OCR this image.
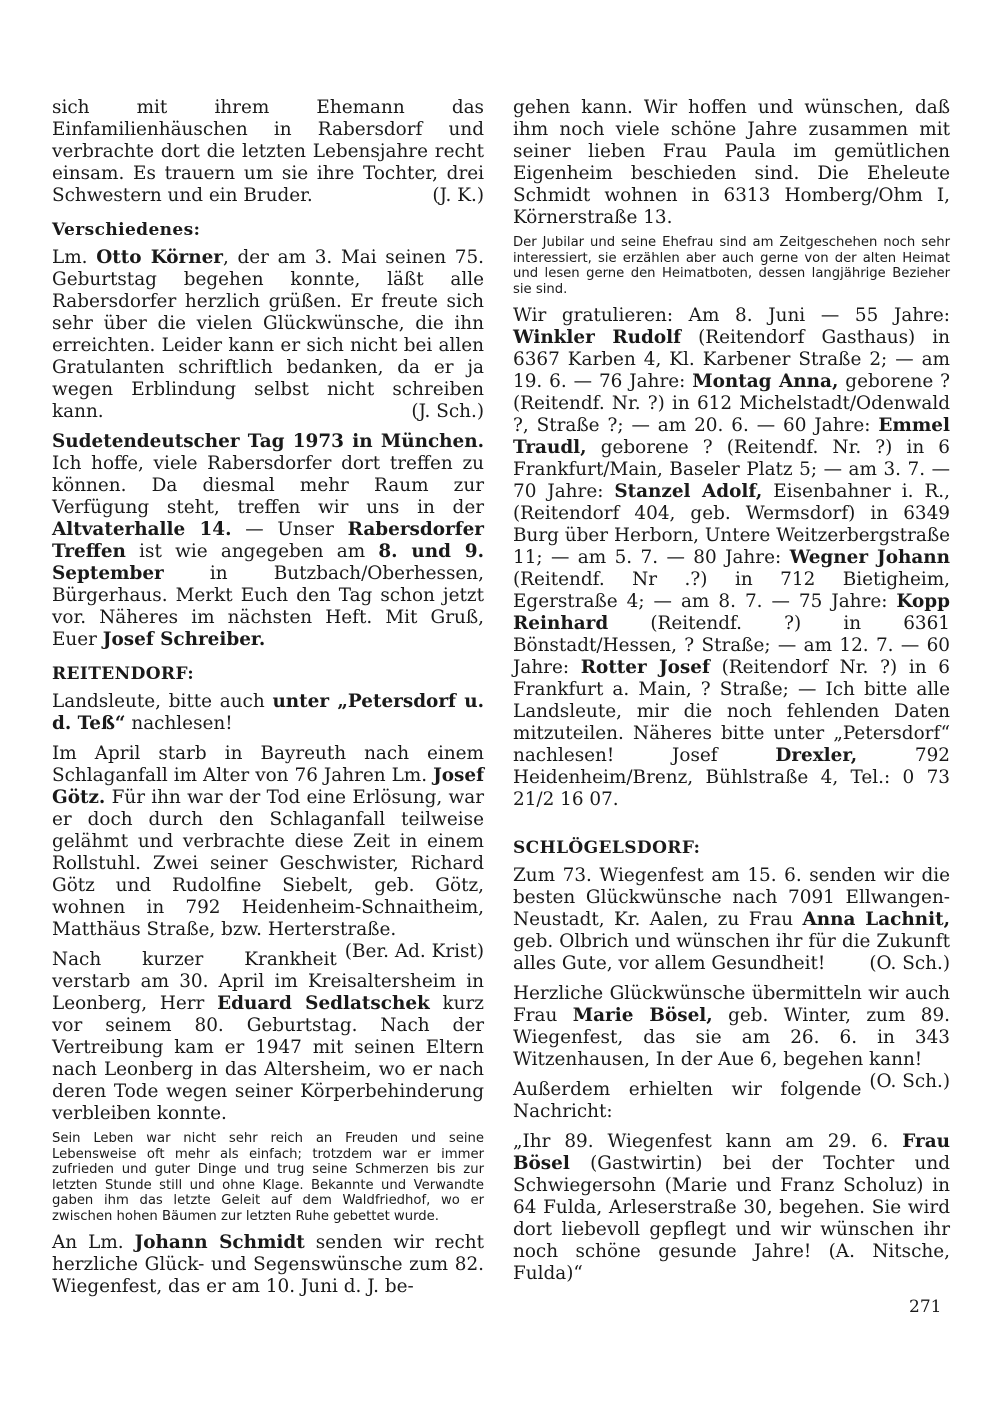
sich mit ihrem Ehemann das Einfamilienhäuschen in Rabersdorf und verbrachte dort die letzten Lebensjahre recht einsam. Es trauern um sie ihre Tochter, drei Schwestern und ein Bruder.	(J. K.)

Verschiedenes:

Lm. Otto Körner, der am 3. Mai seinen 75. Geburtstag begehen konnte, läßt alle Rabersdorfer herzlich grüßen. Er freute sich sehr über die vielen Glückwünsche, die ihn erreichten. Leider kann er sich nicht bei allen Gratulanten schriftlich bedanken, da er ja wegen Erblindung selbst nicht schreiben kann.	(J. Sch.)

Sudetendeutscher Tag 1973 in München. Ich hoffe, viele Rabersdorfer dort treffen zu können. Da diesmal mehr Raum zur Verfügung steht, treffen wir uns in der Altvaterhalle 14. — Unser Rabersdorfer Treffen ist wie angegeben am 8. und 9. September in Butzbach/Oberhessen, Bürgerhaus. Merkt Euch den Tag schon jetzt vor. Näheres im nächsten Heft. Mit Gruß, Euer Josef Schreiber.

REITENDORF:

Landsleute, bitte auch unter „Petersdorf u. d. Teß“ nachlesen!

Im April starb in Bayreuth nach einem Schlaganfall im Alter von 76 Jahren Lm. Josef Götz. Für ihn war der Tod eine Erlösung, war er doch durch den Schlaganfall teilweise gelähmt und verbrachte diese Zeit in einem Rollstuhl. Zwei seiner Geschwister, Richard Götz und Rudolfine Siebelt, geb. Götz, wohnen in 792 Heidenheim-Schnaitheim, Matthäus Straße, bzw. Herterstraße.
(Ber. Ad. Krist)

Nach kurzer Krankheit verstarb am 30. April im Kreisaltersheim in Leonberg, Herr Eduard Sedlatschek kurz vor seinem 80. Geburtstag. Nach der Vertreibung kam er 1947 mit seinen Eltern nach Leonberg in das Altersheim, wo er nach deren Tode wegen seiner Körperbehinderung verbleiben konnte.

Sein Leben war nicht sehr reich an Freuden und seine Lebensweise oft mehr als einfach; trotzdem war er immer zufrieden und guter Dinge und trug seine Schmerzen bis zur letzten Stunde still und ohne Klage. Bekannte und Verwandte gaben ihm das letzte Geleit auf dem Waldfriedhof, wo er zwischen hohen Bäumen zur letzten Ruhe gebettet wurde.

An Lm. Johann Schmidt senden wir recht herzliche Glück- und Segenswünsche zum 82. Wiegenfest, das er am 10. Juni d. J. be-

gehen kann. Wir hoffen und wünschen, daß ihm noch viele schöne Jahre zusammen mit seiner lieben Frau Paula im gemütlichen Eigenheim beschieden sind. Die Eheleute Schmidt wohnen in 6313 Homberg/Ohm I, Körnerstraße 13.

Der Jubilar und seine Ehefrau sind am Zeitgeschehen noch sehr interessiert, sie erzählen aber auch gerne von der alten Heimat und lesen gerne den Heimatboten, dessen langjährige Bezieher sie sind.

Wir gratulieren: Am 8. Juni — 55 Jahre: Winkler Rudolf (Reitendorf Gasthaus) in 6367 Karben 4, Kl. Karbener Straße 2; — am 19. 6. — 76 Jahre: Montag Anna, geborene ? (Reitendf. Nr. ?) in 612 Michelstadt/Odenwald ?, Straße ?; — am 20. 6. — 60 Jahre: Emmel Traudl, geborene ? (Reitendf. Nr. ?) in 6 Frankfurt/Main, Baseler Platz 5; — am 3. 7. — 70 Jahre: Stanzel Adolf, Eisenbahner i. R., (Reitendorf 404, geb. Wermsdorf) in 6349 Burg über Herborn, Untere Weitzerbergstraße 11; — am 5. 7. — 80 Jahre: Wegner Johann (Reitendf. Nr .?) in 712 Bietigheim, Egerstraße 4; — am 8. 7. — 75 Jahre: Kopp Reinhard (Reitendf. ?) in 6361 Bönstadt/Hessen, ? Straße; — am 12. 7. — 60 Jahre: Rotter Josef (Reitendorf Nr. ?) in 6 Frankfurt a. Main, ? Straße; — Ich bitte alle Landsleute, mir die noch fehlenden Daten mitzuteilen. Näheres bitte unter „Petersdorf“ nachlesen! Josef Drexler, 792 Heidenheim/Brenz, Bühlstraße 4, Tel.: 0 73 21/2 16 07.

SCHLÖGELSDORF:

Zum 73. Wiegenfest am 15. 6. senden wir die besten Glückwünsche nach 7091 Ellwangen-Neustadt, Kr. Aalen, zu Frau Anna Lachnit, geb. Olbrich und wünschen ihr für die Zukunft alles Gute, vor allem Gesundheit! (O. Sch.)

Herzliche Glückwünsche übermitteln wir auch Frau Marie Bösel, geb. Winter, zum 89. Wiegenfest, das sie am 26. 6. in 343 Witzenhausen, In der Aue 6, begehen kann!
(O. Sch.)

Außerdem erhielten wir folgende Nachricht:

„Ihr 89. Wiegenfest kann am 29. 6. Frau Bösel (Gastwirtin) bei der Tochter und Schwiegersohn (Marie und Franz Scholuz) in 64 Fulda, Arleserstraße 30, begehen. Sie wird dort liebevoll gepflegt und wir wünschen ihr noch schöne gesunde Jahre! (A. Nitsche, Fulda)“

271
